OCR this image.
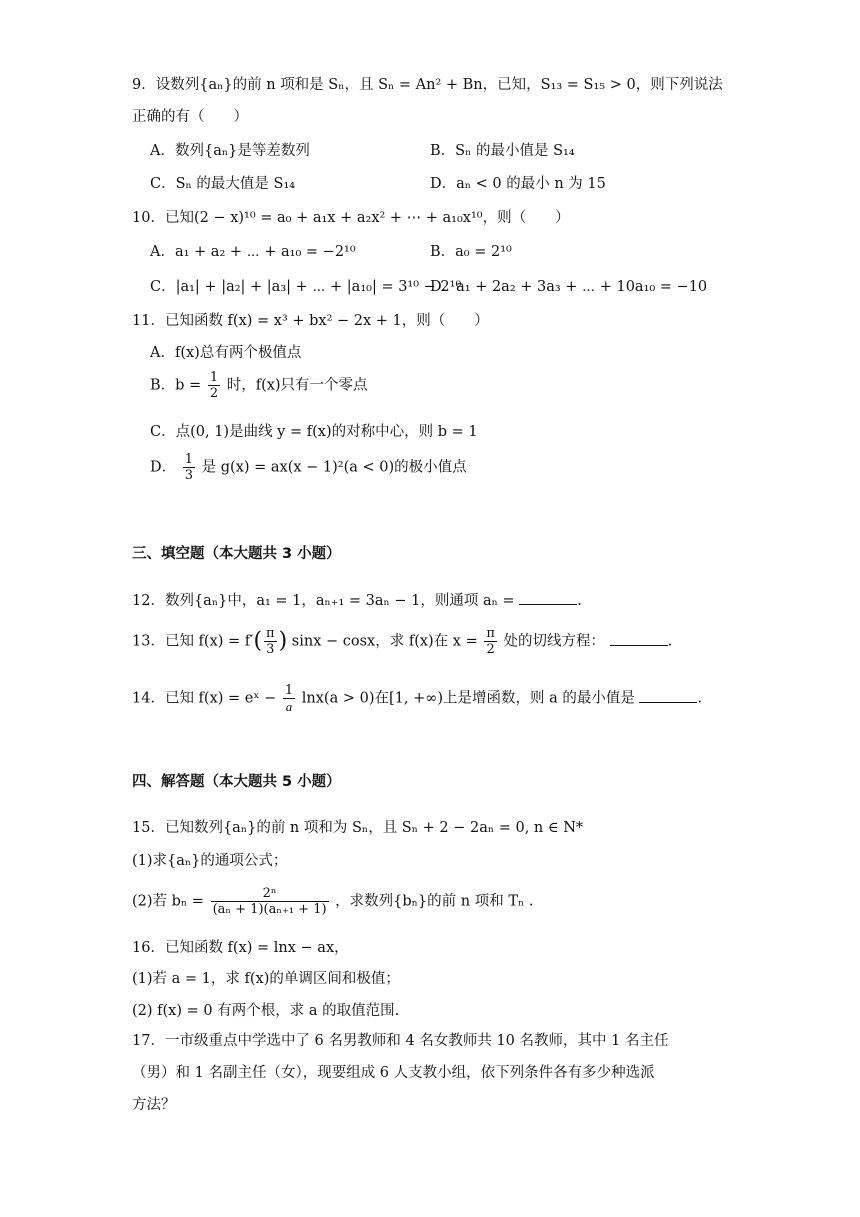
9．设数列{aₙ}的前 n 项和是 Sₙ，且 Sₙ = An² + Bn，已知，S₁₃ = S₁₅ > 0，则下列说法
正确的有（　　）
A．数列{aₙ}是等差数列	B．Sₙ 的最小值是 S₁₄
C．Sₙ 的最大值是 S₁₄	D．aₙ < 0 的最小 n 为 15
10．已知(2 − x)¹⁰ = a₀ + a₁x + a₂x² + ⋯ + a₁₀x¹⁰，则（　　）
A．a₁ + a₂ + ⋯ + a₁₀ = −2¹⁰	B．a₀ = 2¹⁰
C．|a₁| + |a₂| + |a₃| + ⋯ + |a₁₀| = 3¹⁰ − 2¹⁰
D．a₁ + 2a₂ + 3a₃ + ⋯ + 10a₁₀ = −10
11．已知函数 f(x) = x³ + bx² − 2x + 1，则（　　）
A．f(x)总有两个极值点
B．$b = \frac{1}{2}$ 时，f(x)只有一个零点
C．点(0, 1)是曲线 y = f(x)的对称中心，则 b = 1
D． $\frac{1}{3}$ 是 g(x) = ax(x − 1)²(a < 0)的极小值点
三、填空题（本大题共 3 小题）
12．数列{aₙ}中，a₁ = 1，aₙ₊₁ = 3aₙ − 1，则通项 aₙ =	.
13．已知 $f(x) = f'( \frac{\pi}{3}$ ) sinx − cosx，求 f(x)在 $x = \frac{\pi}{2}$ 处的切线方程：	.
14．已知 f(x) = eˣ − $\frac{1}{a} \ln x(a > 0)$在[1, +∞)上是增函数，则 a 的最小值是	.
四、解答题（本大题共 5 小题）
15．已知数列{aₙ}的前 n 项和为 Sₙ，且 Sₙ + 2 − 2aₙ = 0, n ∈ N*
(1)求{aₙ}的通项公式；
(2)若 $b_n = \frac{\text{2ⁿ}}{\text{(aₙ + 1)(aₙ₊₁ + 1)}}$ ，求数列{bₙ}的前 n 项和 Tₙ .
16．已知函数 f(x) = lnx − ax，
(1)若 a = 1，求 f(x)的单调区间和极值；
(2) f(x) = 0 有两个根，求 a 的取值范围.
17．一市级重点中学选中了 6 名男教师和 4 名女教师共 10 名教师，其中 1 名主任
（男）和 1 名副主任（女），现要组成 6 人支教小组，依下列条件各有多少种选派
方法？
